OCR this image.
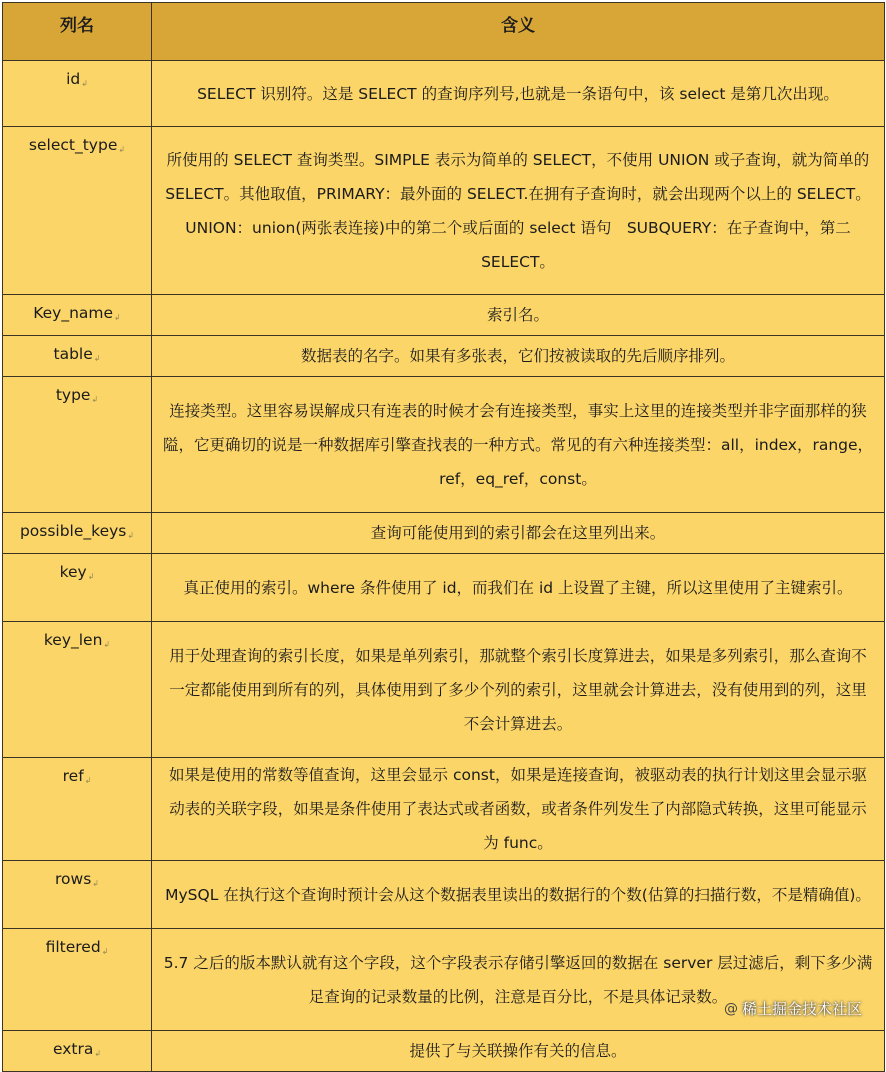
列名	含义
id↲	SELECT 识别符。这是 SELECT 的查询序列号,也就是一条语句中，该 select 是第几次出现。
select_type↲	所使用的 SELECT 查询类型。SIMPLE 表示为简单的 SELECT，不使用 UNION 或子查询，就为简单的 SELECT。其他取值，PRIMARY：最外面的 SELECT.在拥有子查询时，就会出现两个以上的 SELECT。UNION：union(两张表连接)中的第二个或后面的 select 语句　SUBQUERY：在子查询中，第二 SELECT。
Key_name↲	索引名。
table↲	数据表的名字。如果有多张表，它们按被读取的先后顺序排列。
type↲	连接类型。这里容易误解成只有连表的时候才会有连接类型，事实上这里的连接类型并非字面那样的狭隘，它更确切的说是一种数据库引擎查找表的一种方式。常见的有六种连接类型：all，index，range，ref，eq_ref，const。
possible_keys↲	查询可能使用到的索引都会在这里列出来。
key↲	真正使用的索引。where 条件使用了 id，而我们在 id 上设置了主键，所以这里使用了主键索引。
key_len↲	用于处理查询的索引长度，如果是单列索引，那就整个索引长度算进去，如果是多列索引，那么查询不一定都能使用到所有的列，具体使用到了多少个列的索引，这里就会计算进去，没有使用到的列，这里不会计算进去。
ref↲	如果是使用的常数等值查询，这里会显示 const，如果是连接查询，被驱动表的执行计划这里会显示驱动表的关联字段，如果是条件使用了表达式或者函数，或者条件列发生了内部隐式转换，这里可能显示为 func。
rows↲	MySQL 在执行这个查询时预计会从这个数据表里读出的数据行的个数(估算的扫描行数，不是精确值)。
filtered↲	5.7 之后的版本默认就有这个字段，这个字段表示存储引擎返回的数据在 server 层过滤后，剩下多少满足查询的记录数量的比例，注意是百分比，不是具体记录数。
extra↲	提供了与关联操作有关的信息。
@ 稀土掘金技术社区
